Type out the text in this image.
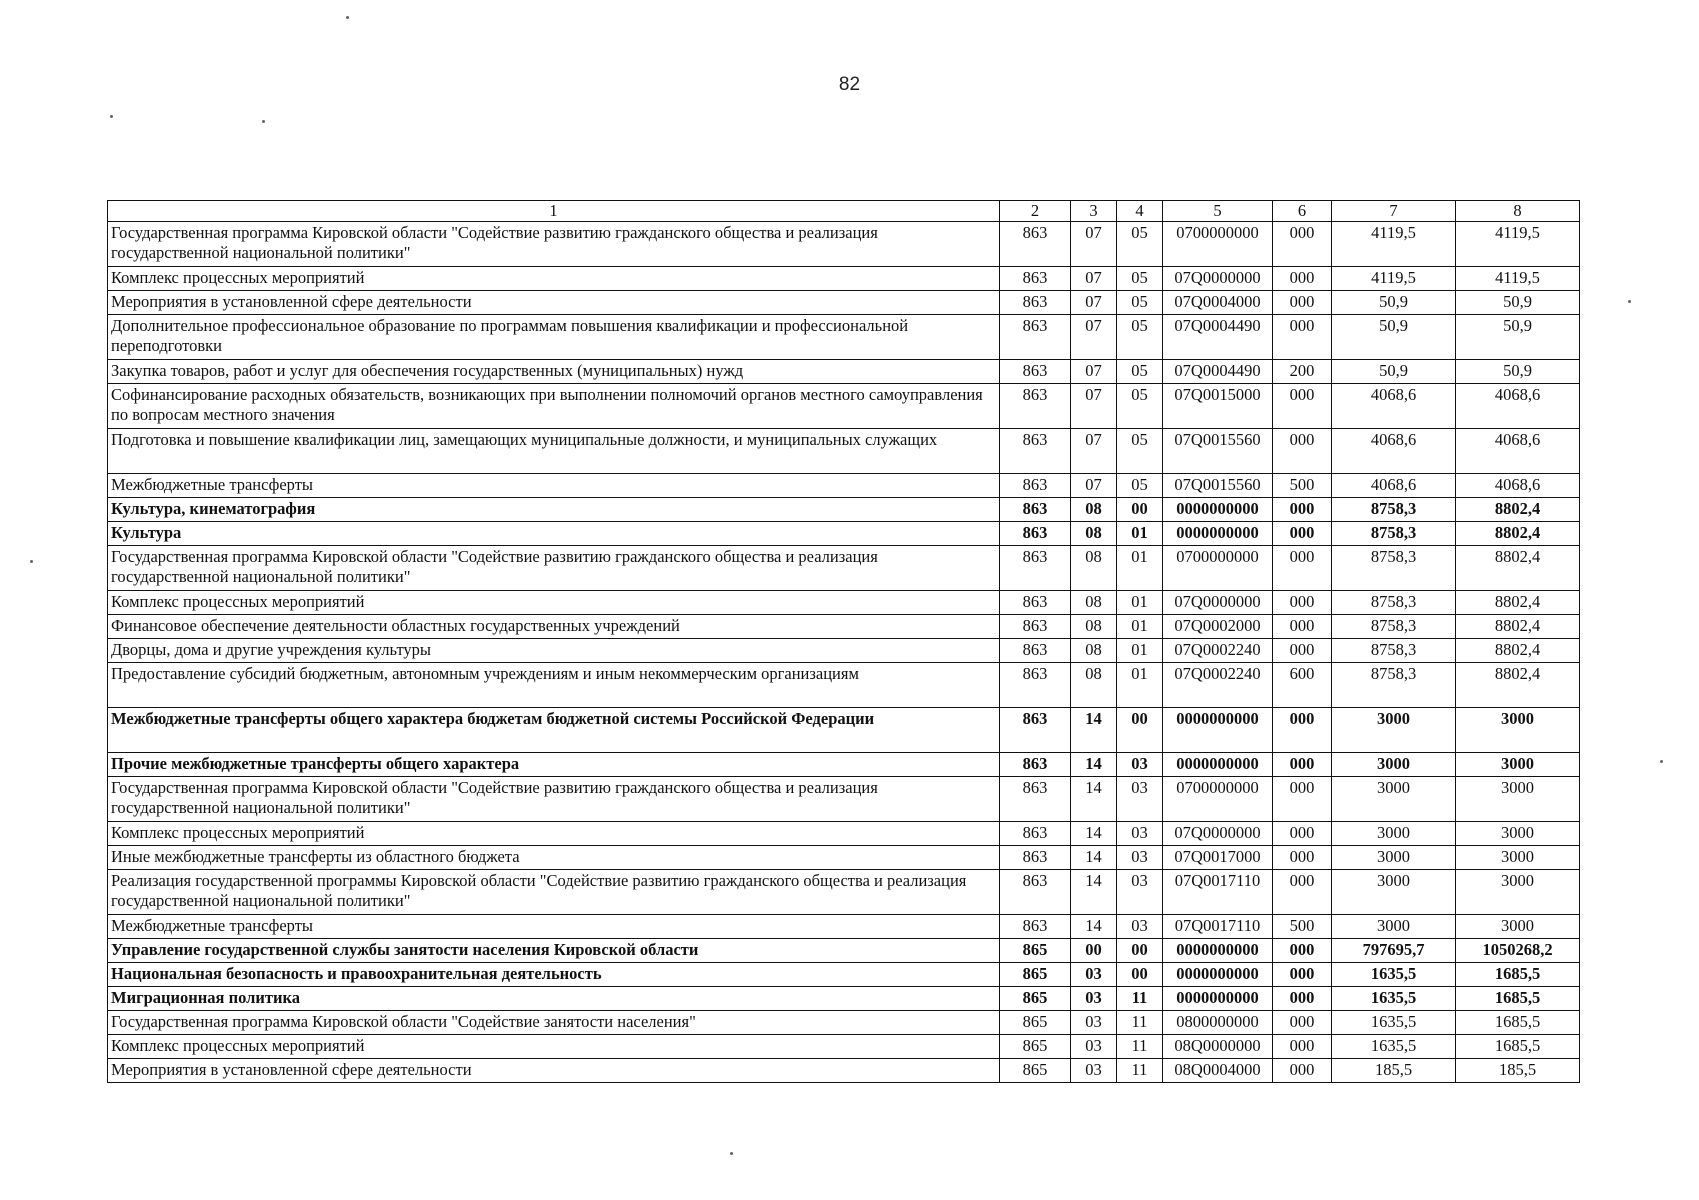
82
1	2	3	4	5	6	7	8
Государственная программа Кировской области "Содействие развитию гражданского общества и реализация государственной национальной политики"	863	07	05	0700000000	000	4119,5	4119,5
Комплекс процессных мероприятий	863	07	05	07Q0000000	000	4119,5	4119,5
Мероприятия в установленной сфере деятельности	863	07	05	07Q0004000	000	50,9	50,9
Дополнительное профессиональное образование по программам повышения квалификации и профессиональной переподготовки	863	07	05	07Q0004490	000	50,9	50,9
Закупка товаров, работ и услуг для обеспечения государственных (муниципальных) нужд	863	07	05	07Q0004490	200	50,9	50,9
Софинансирование расходных обязательств, возникающих при выполнении полномочий органов местного самоуправления по вопросам местного значения	863	07	05	07Q0015000	000	4068,6	4068,6
Подготовка и повышение квалификации лиц, замещающих муниципальные должности, и муниципальных служащих	863	07	05	07Q0015560	000	4068,6	4068,6
Межбюджетные трансферты	863	07	05	07Q0015560	500	4068,6	4068,6
Культура, кинематография	863	08	00	0000000000	000	8758,3	8802,4
Культура	863	08	01	0000000000	000	8758,3	8802,4
Государственная программа Кировской области "Содействие развитию гражданского общества и реализация государственной национальной политики"	863	08	01	0700000000	000	8758,3	8802,4
Комплекс процессных мероприятий	863	08	01	07Q0000000	000	8758,3	8802,4
Финансовое обеспечение деятельности областных государственных учреждений	863	08	01	07Q0002000	000	8758,3	8802,4
Дворцы, дома и другие учреждения культуры	863	08	01	07Q0002240	000	8758,3	8802,4
Предоставление субсидий бюджетным, автономным учреждениям и иным некоммерческим организациям	863	08	01	07Q0002240	600	8758,3	8802,4
Межбюджетные трансферты общего характера бюджетам бюджетной системы Российской Федерации	863	14	00	0000000000	000	3000	3000
Прочие межбюджетные трансферты общего характера	863	14	03	0000000000	000	3000	3000
Государственная программа Кировской области "Содействие развитию гражданского общества и реализация государственной национальной политики"	863	14	03	0700000000	000	3000	3000
Комплекс процессных мероприятий	863	14	03	07Q0000000	000	3000	3000
Иные межбюджетные трансферты из областного бюджета	863	14	03	07Q0017000	000	3000	3000
Реализация государственной программы Кировской области "Содействие развитию гражданского общества и реализация государственной национальной политики"	863	14	03	07Q0017110	000	3000	3000
Межбюджетные трансферты	863	14	03	07Q0017110	500	3000	3000
Управление государственной службы занятости населения Кировской области	865	00	00	0000000000	000	797695,7	1050268,2
Национальная безопасность и правоохранительная деятельность	865	03	00	0000000000	000	1635,5	1685,5
Миграционная политика	865	03	11	0000000000	000	1635,5	1685,5
Государственная программа Кировской области "Содействие занятости населения"	865	03	11	0800000000	000	1635,5	1685,5
Комплекс процессных мероприятий	865	03	11	08Q0000000	000	1635,5	1685,5
Мероприятия в установленной сфере деятельности	865	03	11	08Q0004000	000	185,5	185,5
